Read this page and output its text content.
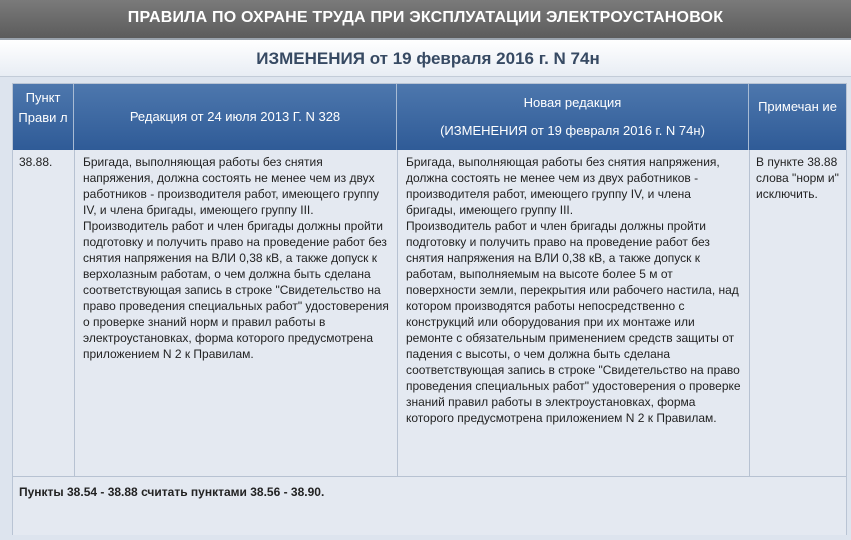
ПРАВИЛА ПО ОХРАНЕ ТРУДА ПРИ ЭКСПЛУАТАЦИИ ЭЛЕКТРОУСТАНОВОК
ИЗМЕНЕНИЯ от 19 февраля 2016 г. N 74н
Пункт Прави л	Редакция от 24 июля 2013 Г. N 328
Новая редакция
(ИЗМЕНЕНИЯ от 19 февраля 2016 г. N 74н)
Примечан ие
38.88.	Бригада, выполняющая работы без снятия напряжения, должна состоять не менее чем из двух работников - производителя работ, имеющего группу IV, и члена бригады, имеющего группу III.
Производитель работ и член бригады должны пройти подготовку и получить право на проведение работ без снятия напряжения на ВЛИ 0,38 кВ, а также допуск к верхолазным работам, о чем должна быть сделана соответствующая запись в строке "Свидетельство на право проведения специальных работ" удостоверения о проверке знаний норм и правил работы в электроустановках, форма которого предусмотрена приложением N 2 к Правилам.
Бригада, выполняющая работы без снятия напряжения, должна состоять не менее чем из двух работников - производителя работ, имеющего группу IV, и члена бригады, имеющего группу III.
Производитель работ и член бригады должны пройти подготовку и получить право на проведение работ без снятия напряжения на ВЛИ 0,38 кВ, а также допуск к работам, выполняемым на высоте более 5 м от поверхности земли, перекрытия или рабочего настила, над котором производятся работы непосредственно с конструкций или оборудования при их монтаже или ремонте с обязательным применением средств защиты от падения с высоты, о чем должна быть сделана соответствующая запись в строке "Свидетельство на право проведения специальных работ" удостоверения о проверке знаний правил работы в электроустановках, форма которого предусмотрена приложением N 2 к Правилам.
В пункте 38.88 слова "норм и" исключить.
Пункты 38.54 - 38.88 считать пунктами 38.56 - 38.90.
